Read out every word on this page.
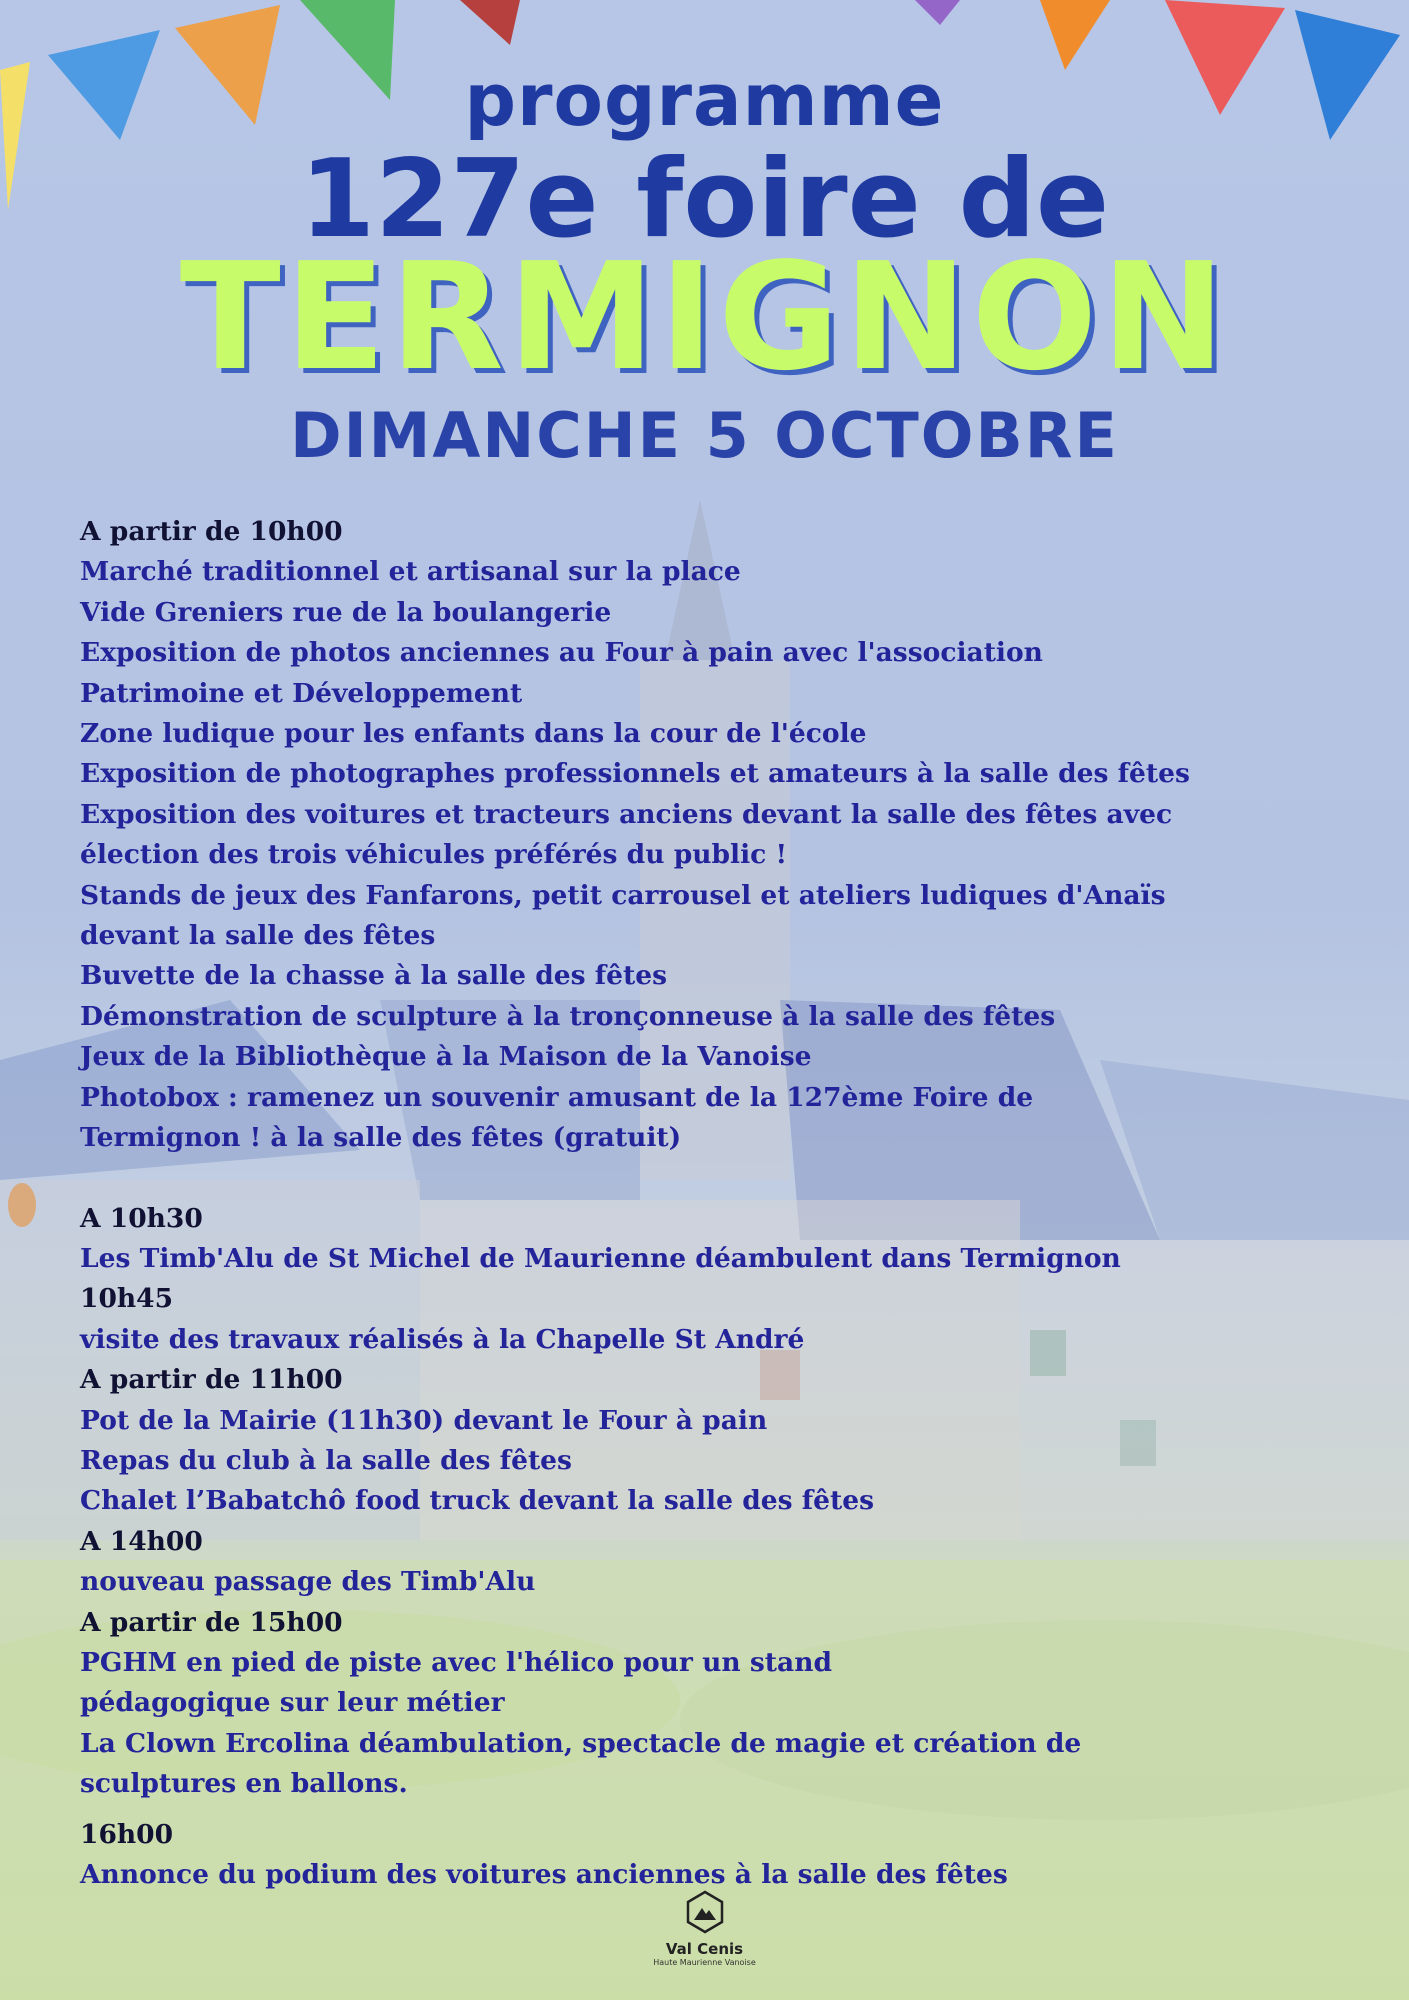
programme
127e foire de
TERMIGNON
DIMANCHE 5 OCTOBRE
A partir de 10h00
Marché traditionnel et artisanal sur la place
Vide Greniers rue de la boulangerie
Exposition de photos anciennes au Four à pain avec l'association
Patrimoine et Développement
Zone ludique pour les enfants dans la cour de l'école
Exposition de photographes professionnels et amateurs à la salle des fêtes
Exposition des voitures et tracteurs anciens devant la salle des fêtes avec
élection des trois véhicules préférés du public !
Stands de jeux des Fanfarons, petit carrousel et ateliers ludiques d'Anaïs
devant la salle des fêtes
Buvette de la chasse à la salle des fêtes
Démonstration de sculpture à la tronçonneuse à la salle des fêtes
Jeux de la Bibliothèque à la Maison de la Vanoise
Photobox : ramenez un souvenir amusant de la 127ème Foire de
Termignon ! à la salle des fêtes (gratuit)
A 10h30
Les Timb'Alu de St Michel de Maurienne déambulent dans Termignon
10h45
visite des travaux réalisés à la Chapelle St André
A partir de 11h00
Pot de la Mairie (11h30) devant le Four à pain
Repas du club à la salle des fêtes
Chalet l’Babatchô food truck devant la salle des fêtes
A 14h00
nouveau passage des Timb'Alu
A partir de 15h00
PGHM en pied de piste avec l'hélico pour un stand
pédagogique sur leur métier
La Clown Ercolina déambulation, spectacle de magie et création de
sculptures en ballons.
16h00
Annonce du podium des voitures anciennes à la salle des fêtes
Val Cenis
Haute Maurienne Vanoise
